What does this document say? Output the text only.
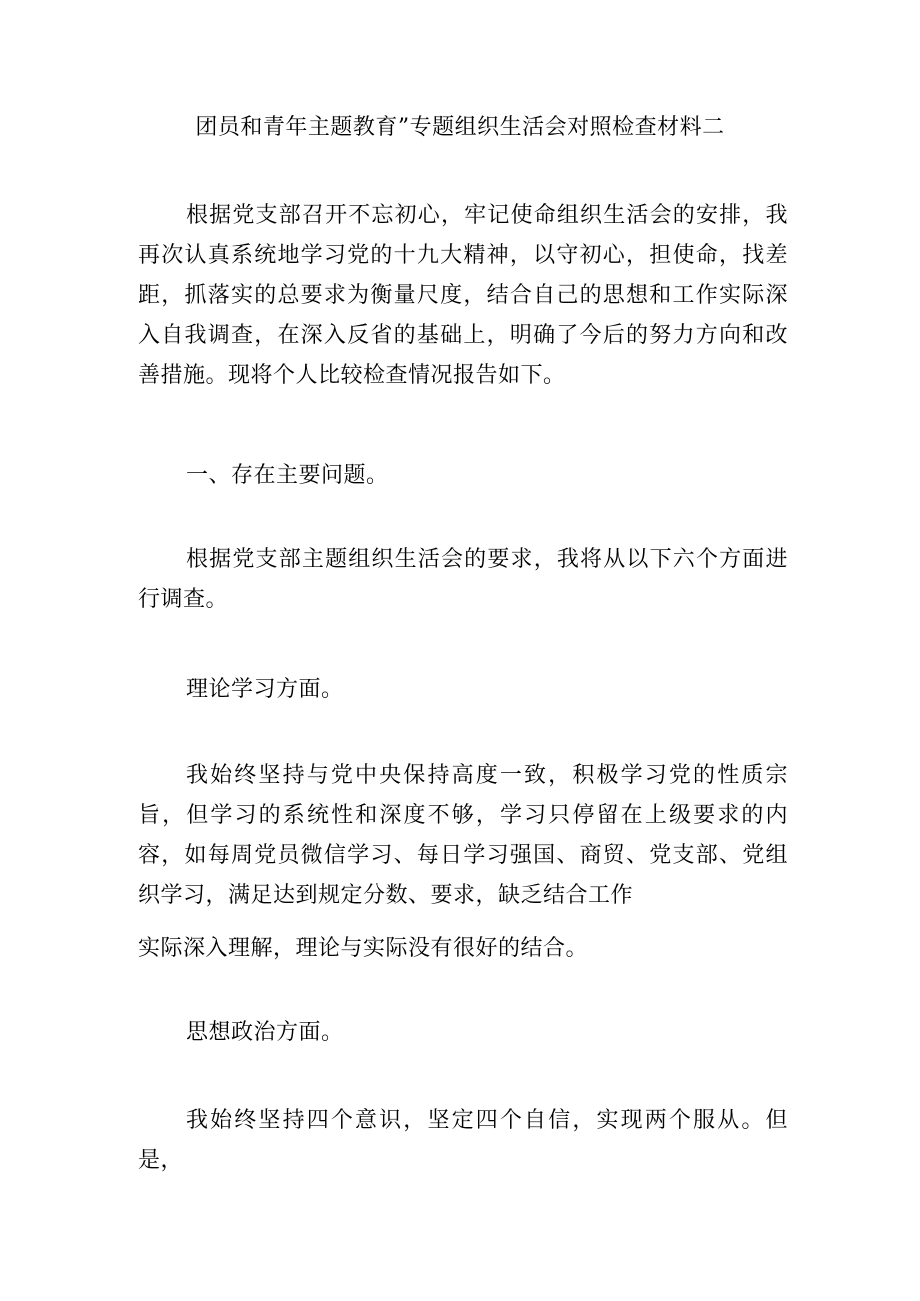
团员和青年主题教育”专题组织生活会对照检查材料二
根据党支部召开不忘初心，牢记使命组织生活会的安排，我再次认真系统地学习党的十九大精神，以守初心，担使命，找差距，抓落实的总要求为衡量尺度，结合自己的思想和工作实际深入自我调查，在深入反省的基础上，明确了今后的努力方向和改善措施。现将个人比较检查情况报告如下。
一、存在主要问题。
根据党支部主题组织生活会的要求，我将从以下六个方面进行调查。
理论学习方面。
我始终坚持与党中央保持高度一致，积极学习党的性质宗旨，但学习的系统性和深度不够，学习只停留在上级要求的内容，如每周党员微信学习、每日学习强国、商贸、党支部、党组织学习，满足达到规定分数、要求，缺乏结合工作
实际深入理解，理论与实际没有很好的结合。
思想政治方面。
我始终坚持四个意识，坚定四个自信，实现两个服从。但是，
